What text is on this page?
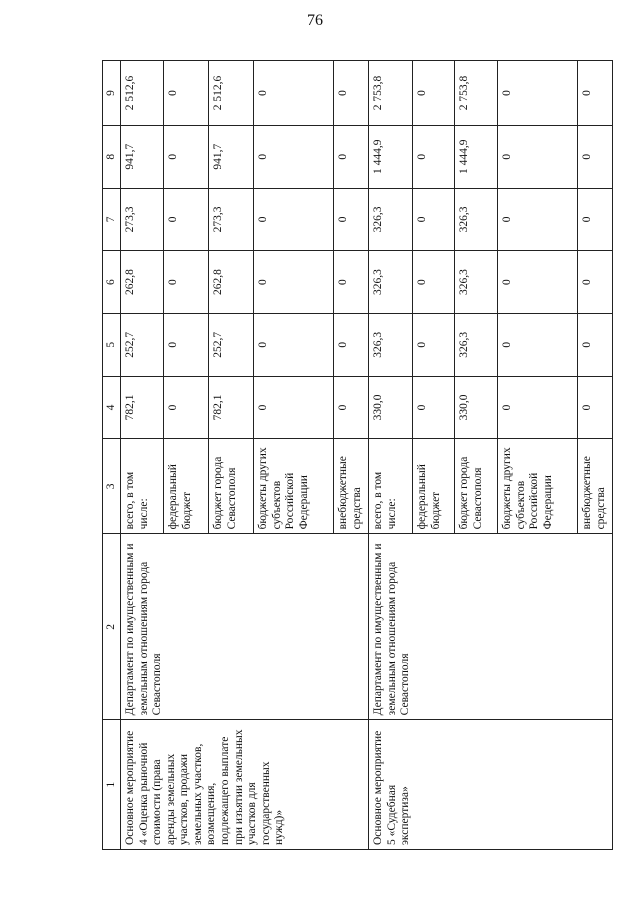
76
1	2	3	4	5	6	7	8	9
Основное мероприятие 4 «Оценка рыночной стоимости (права аренды земельных участков, продажи земельных участков, возмещения, подлежащего выплате при изъятии земельных участков для государственных нужд)»	Департамент по имущественным и земельным отношениям города Севастополя	всего, в том числе:	782,1	252,7	262,8	273,3	941,7	2 512,6
		федеральный бюджет	0	0	0	0	0	0
		бюджет города Севастополя	782,1	252,7	262,8	273,3	941,7	2 512,6
		бюджеты других субъектов Российской Федерации	0	0	0	0	0	0
		внебюджетные средства	0	0	0	0	0	0
Основное мероприятие 5 «Судебная экспертиза»	Департамент по имущественным и земельным отношениям города Севастополя	всего, в том числе:	330,0	326,3	326,3	326,3	1 444,9	2 753,8
		федеральный бюджет	0	0	0	0	0	0
		бюджет города Севастополя	330,0	326,3	326,3	326,3	1 444,9	2 753,8
		бюджеты других субъектов Российской Федерации	0	0	0	0	0	0
		внебюджетные средства	0	0	0	0	0	0
